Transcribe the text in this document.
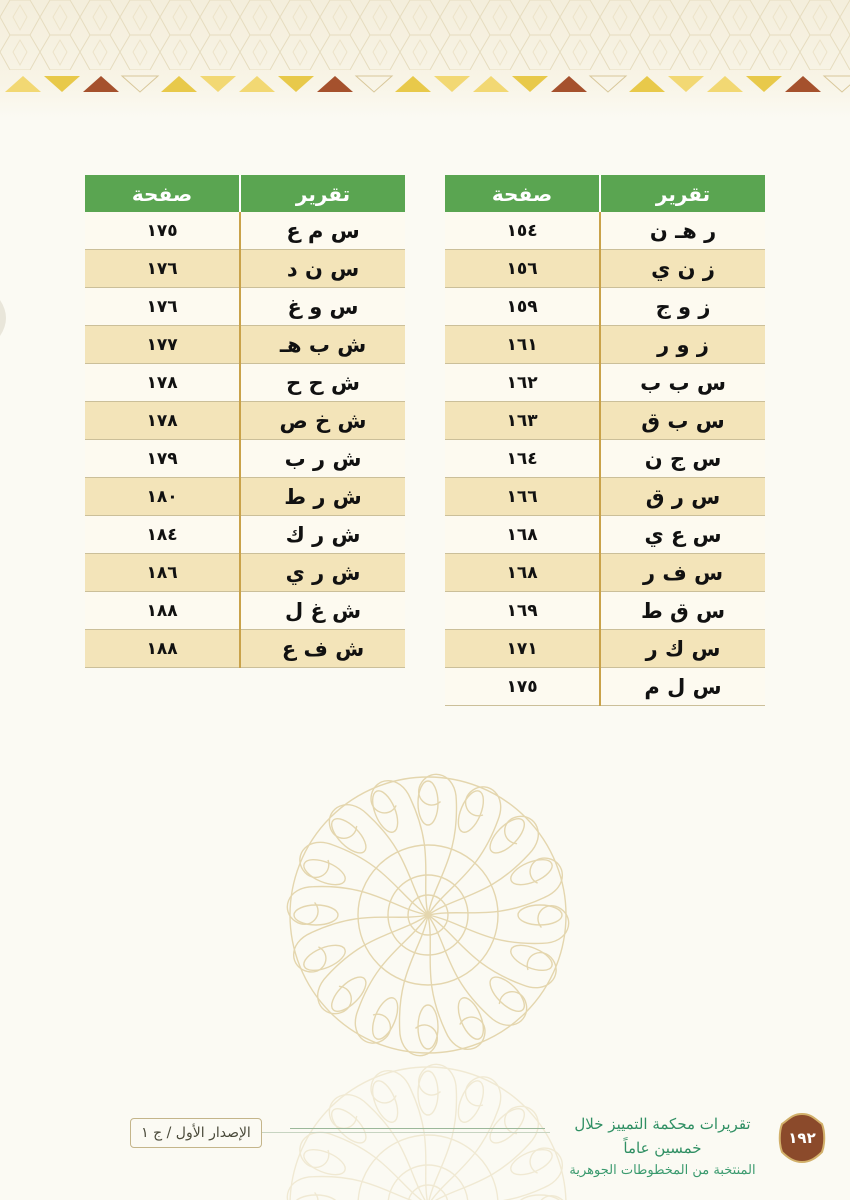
تقرير	صفحة
ر هـ ن	١٥٤
ز ن ي	١٥٦
ز و ج	١٥٩
ز و ر	١٦١
س ب ب	١٦٢
س ب ق	١٦٣
س ج ن	١٦٤
س ر ق	١٦٦
س ع ي	١٦٨
س ف ر	١٦٨
س ق ط	١٦٩
س ك ر	١٧١
س ل م	١٧٥
تقرير	صفحة
س م ع	١٧٥
س ن د	١٧٦
س و غ	١٧٦
ش ب هـ	١٧٧
ش ح ح	١٧٨
ش خ ص	١٧٨
ش ر ب	١٧٩
ش ر ط	١٨٠
ش ر ك	١٨٤
ش ر ي	١٨٦
ش غ ل	١٨٨
ش ف ع	١٨٨
الإصدار الأول / ج ١	تقريرات محكمة التمييز خلال خمسين عاماً
المنتخبة من المخطوطات الجوهرية
١٩٢
